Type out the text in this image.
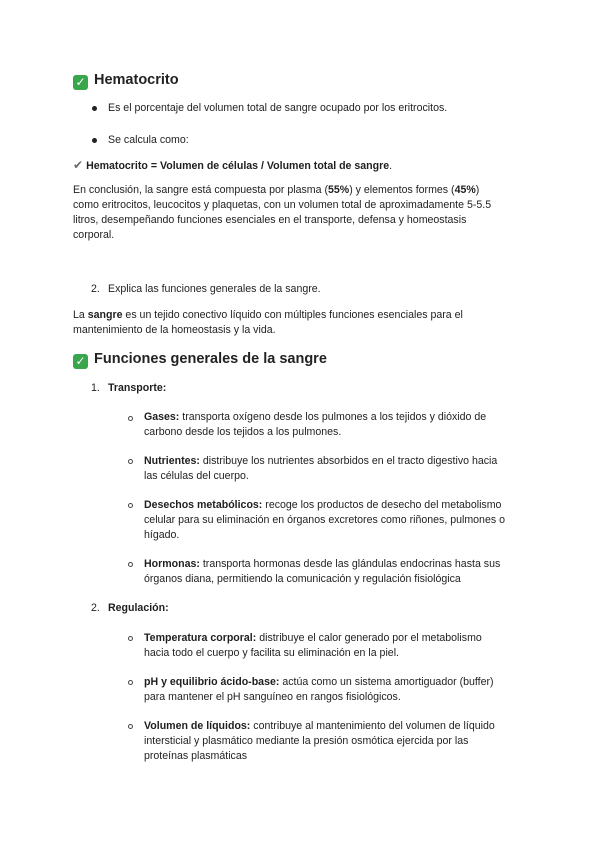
✓ Hematocrito
Es el porcentaje del volumen total de sangre ocupado por los eritrocitos.
Se calcula como:
✔ Hematocrito = Volumen de células / Volumen total de sangre.
En conclusión, la sangre está compuesta por plasma (55%) y elementos formes (45%)
como eritrocitos, leucocitos y plaquetas, con un volumen total de aproximadamente 5-5.5
litros, desempeñando funciones esenciales en el transporte, defensa y homeostasis
corporal.
2. Explica las funciones generales de la sangre.
La sangre es un tejido conectivo líquido con múltiples funciones esenciales para el
mantenimiento de la homeostasis y la vida.
✓ Funciones generales de la sangre
1. Transporte:
Gases: transporta oxígeno desde los pulmones a los tejidos y dióxido de
carbono desde los tejidos a los pulmones.
Nutrientes: distribuye los nutrientes absorbidos en el tracto digestivo hacia
las células del cuerpo.
Desechos metabólicos: recoge los productos de desecho del metabolismo
celular para su eliminación en órganos excretores como riñones, pulmones o
hígado.
Hormonas: transporta hormonas desde las glándulas endocrinas hasta sus
órganos diana, permitiendo la comunicación y regulación fisiológica
2. Regulación:
Temperatura corporal: distribuye el calor generado por el metabolismo
hacia todo el cuerpo y facilita su eliminación en la piel.
pH y equilibrio ácido-base: actúa como un sistema amortiguador (buffer)
para mantener el pH sanguíneo en rangos fisiológicos.
Volumen de líquidos: contribuye al mantenimiento del volumen de líquido
intersticial y plasmático mediante la presión osmótica ejercida por las
proteínas plasmáticas
